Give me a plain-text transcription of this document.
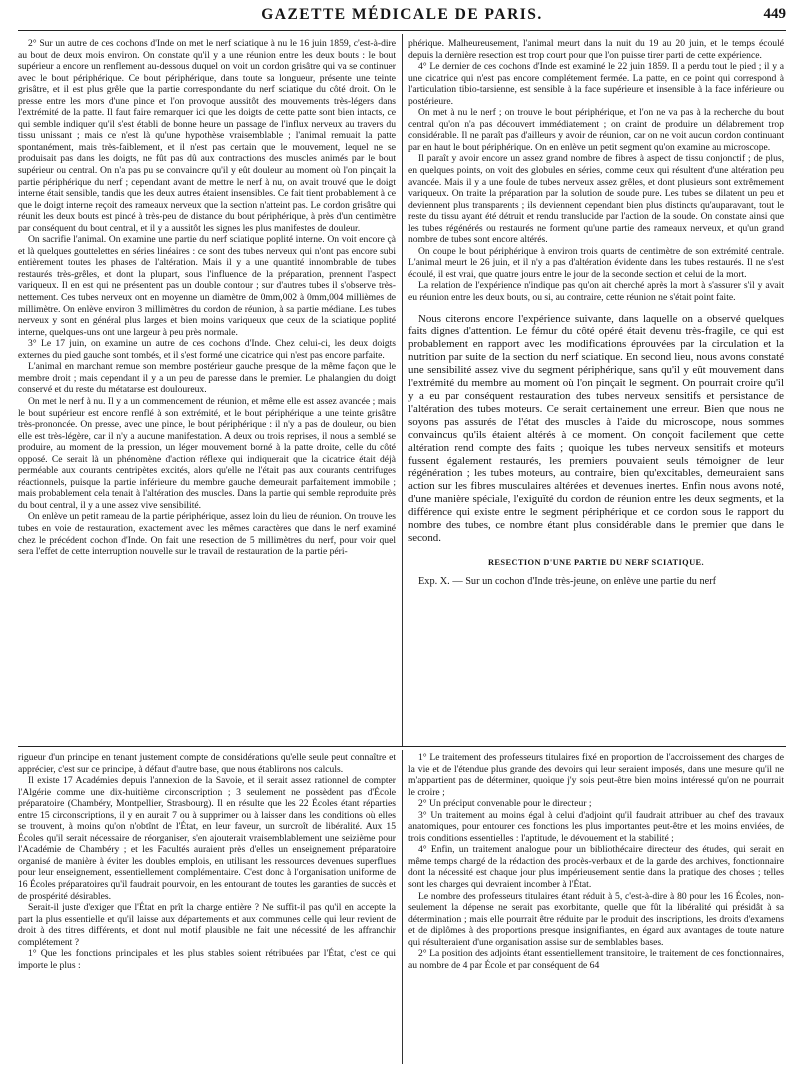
GAZETTE MÉDICALE DE PARIS.	449

2° Sur un autre de ces cochons d'Inde on met le nerf sciatique à nu le 16 juin 1859, c'est-à-dire au bout de deux mois environ. On constate qu'il y a une réunion entre les deux bouts : le bout supérieur a encore un renflement au-dessous duquel on voit un cordon grisâtre qui va se continuer avec le bout périphérique. Ce bout périphérique, dans toute sa longueur, présente une teinte grisâtre, et il est plus grêle que la partie correspondante du nerf sciatique du côté droit. On le presse entre les mors d'une pince et l'on provoque aussitôt des mouvements très-légers dans l'extrémité de la patte. Il faut faire remarquer ici que les doigts de cette patte sont bien intacts, ce qui semble indiquer qu'il s'est établi de bonne heure un passage de l'influx nerveux au travers du tissu unissant ; mais ce n'est là qu'une hypothèse vraisemblable ; l'animal remuait la patte spontanément, mais très-faiblement, et il n'est pas certain que le mouvement, lequel ne se produisait pas dans les doigts, ne fût pas dû aux contractions des muscles animés par le bout supérieur ou central. On n'a pas pu se convaincre qu'il y eût douleur au moment où l'on pinçait la partie périphérique du nerf ; cependant avant de mettre le nerf à nu, on avait trouvé que le doigt interne était sensible, tandis que les deux autres étaient insensibles. Ce fait tient probablement à ce que le doigt interne reçoit des rameaux nerveux que la section n'atteint pas. Le cordon grisâtre qui réunit les deux bouts est pincé à très-peu de distance du bout périphérique, à près d'un centimètre par conséquent du bout central, et il y a aussitôt les signes les plus manifestes de douleur.

On sacrifie l'animal. On examine une partie du nerf sciatique poplité interne. On voit encore çà et là quelques gouttelettes en séries linéaires : ce sont des tubes nerveux qui n'ont pas encore subi entièrement toutes les phases de l'altération. Mais il y a une quantité innombrable de tubes restaurés très-grêles, et dont la plupart, sous l'influence de la préparation, prennent l'aspect variqueux. Il en est qui ne présentent pas un double contour ; sur d'autres tubes il s'observe très-nettement. Ces tubes nerveux ont en moyenne un diamètre de 0mm,002 à 0mm,004 millièmes de millimètre. On enlève environ 3 millimètres du cordon de réunion, à sa partie médiane. Les tubes nerveux y sont en général plus larges et bien moins variqueux que ceux de la sciatique poplité interne, quelques-uns ont une largeur à peu près normale.

3° Le 17 juin, on examine un autre de ces cochons d'Inde. Chez celui-ci, les deux doigts externes du pied gauche sont tombés, et il s'est formé une cicatrice qui n'est pas encore parfaite.

L'animal en marchant remue son membre postérieur gauche presque de la même façon que le membre droit ; mais cependant il y a un peu de paresse dans le premier. Le phalangien du doigt conservé et du reste du métatarse est douloureux.

On met le nerf à nu. Il y a un commencement de réunion, et même elle est assez avancée ; mais le bout supérieur est encore renflé à son extrémité, et le bout périphérique a une teinte grisâtre très-prononcée. On presse, avec une pince, le bout périphérique : il n'y a pas de douleur, ou bien elle est très-légère, car il n'y a aucune manifestation. A deux ou trois reprises, il nous a semblé se produire, au moment de la pression, un léger mouvement borné à la patte droite, celle du côté opposé. Ce serait là un phénomène d'action réflexe qui indiquerait que la cicatrice était déjà perméable aux courants centripètes excités, alors qu'elle ne l'était pas aux courants centrifuges réactionnels, puisque la partie inférieure du membre gauche demeurait parfaitement immobile ; mais probablement cela tenait à l'altération des muscles. Dans la partie qui semble reproduite près du bout central, il y a une assez vive sensibilité.

On enlève un petit rameau de la partie périphérique, assez loin du lieu de réunion. On trouve les tubes en voie de restauration, exactement avec les mêmes caractères que dans le nerf examiné chez le précédent cochon d'Inde. On fait une resection de 5 millimètres du nerf, pour voir quel sera l'effet de cette interruption nouvelle sur le travail de restauration de la partie péri-

phérique. Malheureusement, l'animal meurt dans la nuit du 19 au 20 juin, et le temps écoulé depuis la dernière resection est trop court pour que l'on puisse tirer parti de cette expérience.

4° Le dernier de ces cochons d'Inde est examiné le 22 juin 1859. Il a perdu tout le pied ; il y a une cicatrice qui n'est pas encore complétement fermée. La patte, en ce point qui correspond à l'articulation tibio-tarsienne, est sensible à la face supérieure et insensible à la face inférieure ou postérieure.

On met à nu le nerf ; on trouve le bout périphérique, et l'on ne va pas à la recherche du bout central qu'on n'a pas découvert immédiatement ; on craint de produire un délabrement trop considérable. Il ne paraît pas d'ailleurs y avoir de réunion, car on ne voit aucun cordon continuant par en haut le bout périphérique. On en enlève un petit segment qu'on examine au microscope.

Il paraît y avoir encore un assez grand nombre de fibres à aspect de tissu conjonctif ; de plus, en quelques points, on voit des globules en séries, comme ceux qui résultent d'une altération peu avancée. Mais il y a une foule de tubes nerveux assez grêles, et dont plusieurs sont extrêmement variqueux. On traite la préparation par la solution de soude pure. Les tubes se dilatent un peu et deviennent plus transparents ; ils deviennent cependant bien plus distincts qu'auparavant, tout le reste du tissu ayant été détruit et rendu translucide par l'action de la soude. On constate ainsi que les tubes régénérés ou restaurés ne forment qu'une partie des rameaux nerveux, et qu'un grand nombre de tubes sont encore altérés.

On coupe le bout périphérique à environ trois quarts de centimètre de son extrémité centrale. L'animal meurt le 26 juin, et il n'y a pas d'altération évidente dans les tubes restaurés. Il ne s'est écoulé, il est vrai, que quatre jours entre le jour de la seconde section et celui de la mort.

La relation de l'expérience n'indique pas qu'on ait cherché après la mort à s'assurer s'il y avait eu réunion entre les deux bouts, ou si, au contraire, cette réunion ne s'était point faite.

Nous citerons encore l'expérience suivante, dans laquelle on a observé quelques faits dignes d'attention. Le fémur du côté opéré était devenu très-fragile, ce qui est probablement en rapport avec les modifications éprouvées par la circulation et la nutrition par suite de la section du nerf sciatique. En second lieu, nous avons constaté une sensibilité assez vive du segment périphérique, sans qu'il y eût mouvement dans l'extrémité du membre au moment où l'on pinçait le segment. On pourrait croire qu'il y a eu par conséquent restauration des tubes nerveux sensitifs et persistance de l'altération des tubes moteurs. Ce serait certainement une erreur. Bien que nous ne soyons pas assurés de l'état des muscles à l'aide du microscope, nous sommes convaincus qu'ils étaient altérés à ce moment. On conçoit facilement que cette altération rend compte des faits ; quoique les tubes nerveux sensitifs et moteurs fussent également restaurés, les premiers pouvaient seuls témoigner de leur régénération ; les tubes moteurs, au contraire, bien qu'excitables, demeuraient sans action sur les fibres musculaires altérées et devenues inertes. Enfin nous avons noté, d'une manière spéciale, l'exiguïté du cordon de réunion entre les deux segments, et la différence qui existe entre le segment périphérique et ce cordon sous le rapport du nombre des tubes, ce nombre étant plus considérable dans le premier que dans le second.

RESECTION D'UNE PARTIE DU NERF SCIATIQUE.

Exp. X. — Sur un cochon d'Inde très-jeune, on enlève une partie du nerf

rigueur d'un principe en tenant justement compte de considérations qu'elle seule peut connaître et apprécier, c'est sur ce principe, à défaut d'autre base, que nous établirons nos calculs.

Il existe 17 Académies depuis l'annexion de la Savoie, et il serait assez rationnel de compter l'Algérie comme une dix-huitième circonscription ; 3 seulement ne possèdent pas d'École préparatoire (Chambéry, Montpellier, Strasbourg). Il en résulte que les 22 Écoles étant réparties entre 15 circonscriptions, il y en aurait 7 ou à supprimer ou à laisser dans les conditions où elles se trouvent, à moins qu'on n'obtînt de l'État, en leur faveur, un surcroît de libéralité. Aux 15 Écoles qu'il serait nécessaire de réorganiser, s'en ajouterait vraisemblablement une seizième pour l'Académie de Chambéry ; et les Facultés auraient près d'elles un enseignement préparatoire organisé de manière à éviter les doubles emplois, en utilisant les ressources devenues superflues pour leur enseignement, essentiellement complémentaire. C'est donc à l'organisation uniforme de 16 Écoles préparatoires qu'il faudrait pourvoir, en les entourant de toutes les garanties de succès et de prospérité désirables.

Serait-il juste d'exiger que l'État en prît la charge entière ? Ne suffit-il pas qu'il en accepte la part la plus essentielle et qu'il laisse aux départements et aux communes celle qui leur revient de droit à des titres différents, et dont nul motif plausible ne fait une nécessité de les affranchir complétement ?

1° Que les fonctions principales et les plus stables soient rétribuées par l'État, c'est ce qui importe le plus :

1° Le traitement des professeurs titulaires fixé en proportion de l'accroissement des charges de la vie et de l'étendue plus grande des devoirs qui leur seraient imposés, dans une mesure qu'il ne m'appartient pas de déterminer, quoique j'y sois peut-être bien moins intéressé qu'on ne pourrait le croire ;

2° Un préciput convenable pour le directeur ;

3° Un traitement au moins égal à celui d'adjoint qu'il faudrait attribuer au chef des travaux anatomiques, pour entourer ces fonctions les plus importantes peut-être et les moins enviées, de trois conditions essentielles : l'aptitude, le dévouement et la stabilité ;

4° Enfin, un traitement analogue pour un bibliothécaire directeur des études, qui serait en même temps chargé de la rédaction des procès-verbaux et de la garde des archives, fonctionnaire dont la nécessité est chaque jour plus impérieusement sentie dans la pratique des choses ; telles sont les charges qui devraient incomber à l'État.

Le nombre des professeurs titulaires étant réduit à 5, c'est-à-dire à 80 pour les 16 Écoles, non-seulement la dépense ne serait pas exorbitante, quelle que fût la libéralité qui présidât à sa détermination ; mais elle pourrait être réduite par le produit des inscriptions, les droits d'examens et de diplômes à des proportions presque insignifiantes, en égard aux avantages de toute nature qui résulteraient d'une organisation assise sur de semblables bases.

2° La position des adjoints étant essentiellement transitoire, le traitement de ces fonctionnaires, au nombre de 4 par École et par conséquent de 64
